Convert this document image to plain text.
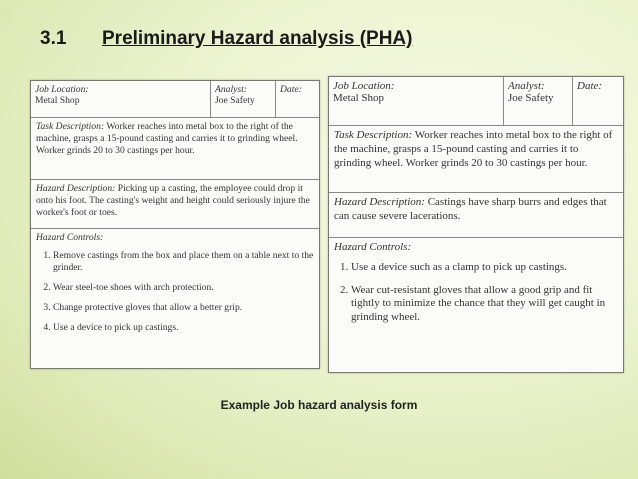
3.1 Preliminary Hazard analysis (PHA)
Job Location:
Metal Shop
Analyst:
Joe Safety
Date:
Task Description: Worker reaches into metal box to the right of the machine, grasps a 15-pound casting and carries it to grinding wheel. Worker grinds 20 to 30 castings per hour.
Hazard Description: Picking up a casting, the employee could drop it onto his foot. The casting's weight and height could seriously injure the worker's foot or toes.
Hazard Controls:
1. Remove castings from the box and place them on a table next to the grinder.
2. Wear steel-toe shoes with arch protection.
3. Change protective gloves that allow a better grip.
4. Use a device to pick up castings.
Job Location:
Metal Shop
Analyst:
Joe Safety
Date:
Task Description: Worker reaches into metal box to the right of the machine, grasps a 15-pound casting and carries it to grinding wheel. Worker grinds 20 to 30 castings per hour.
Hazard Description: Castings have sharp burrs and edges that can cause severe lacerations.
Hazard Controls:
1. Use a device such as a clamp to pick up castings.
2. Wear cut-resistant gloves that allow a good grip and fit tightly to minimize the chance that they will get caught in grinding wheel.
Example Job hazard analysis form
